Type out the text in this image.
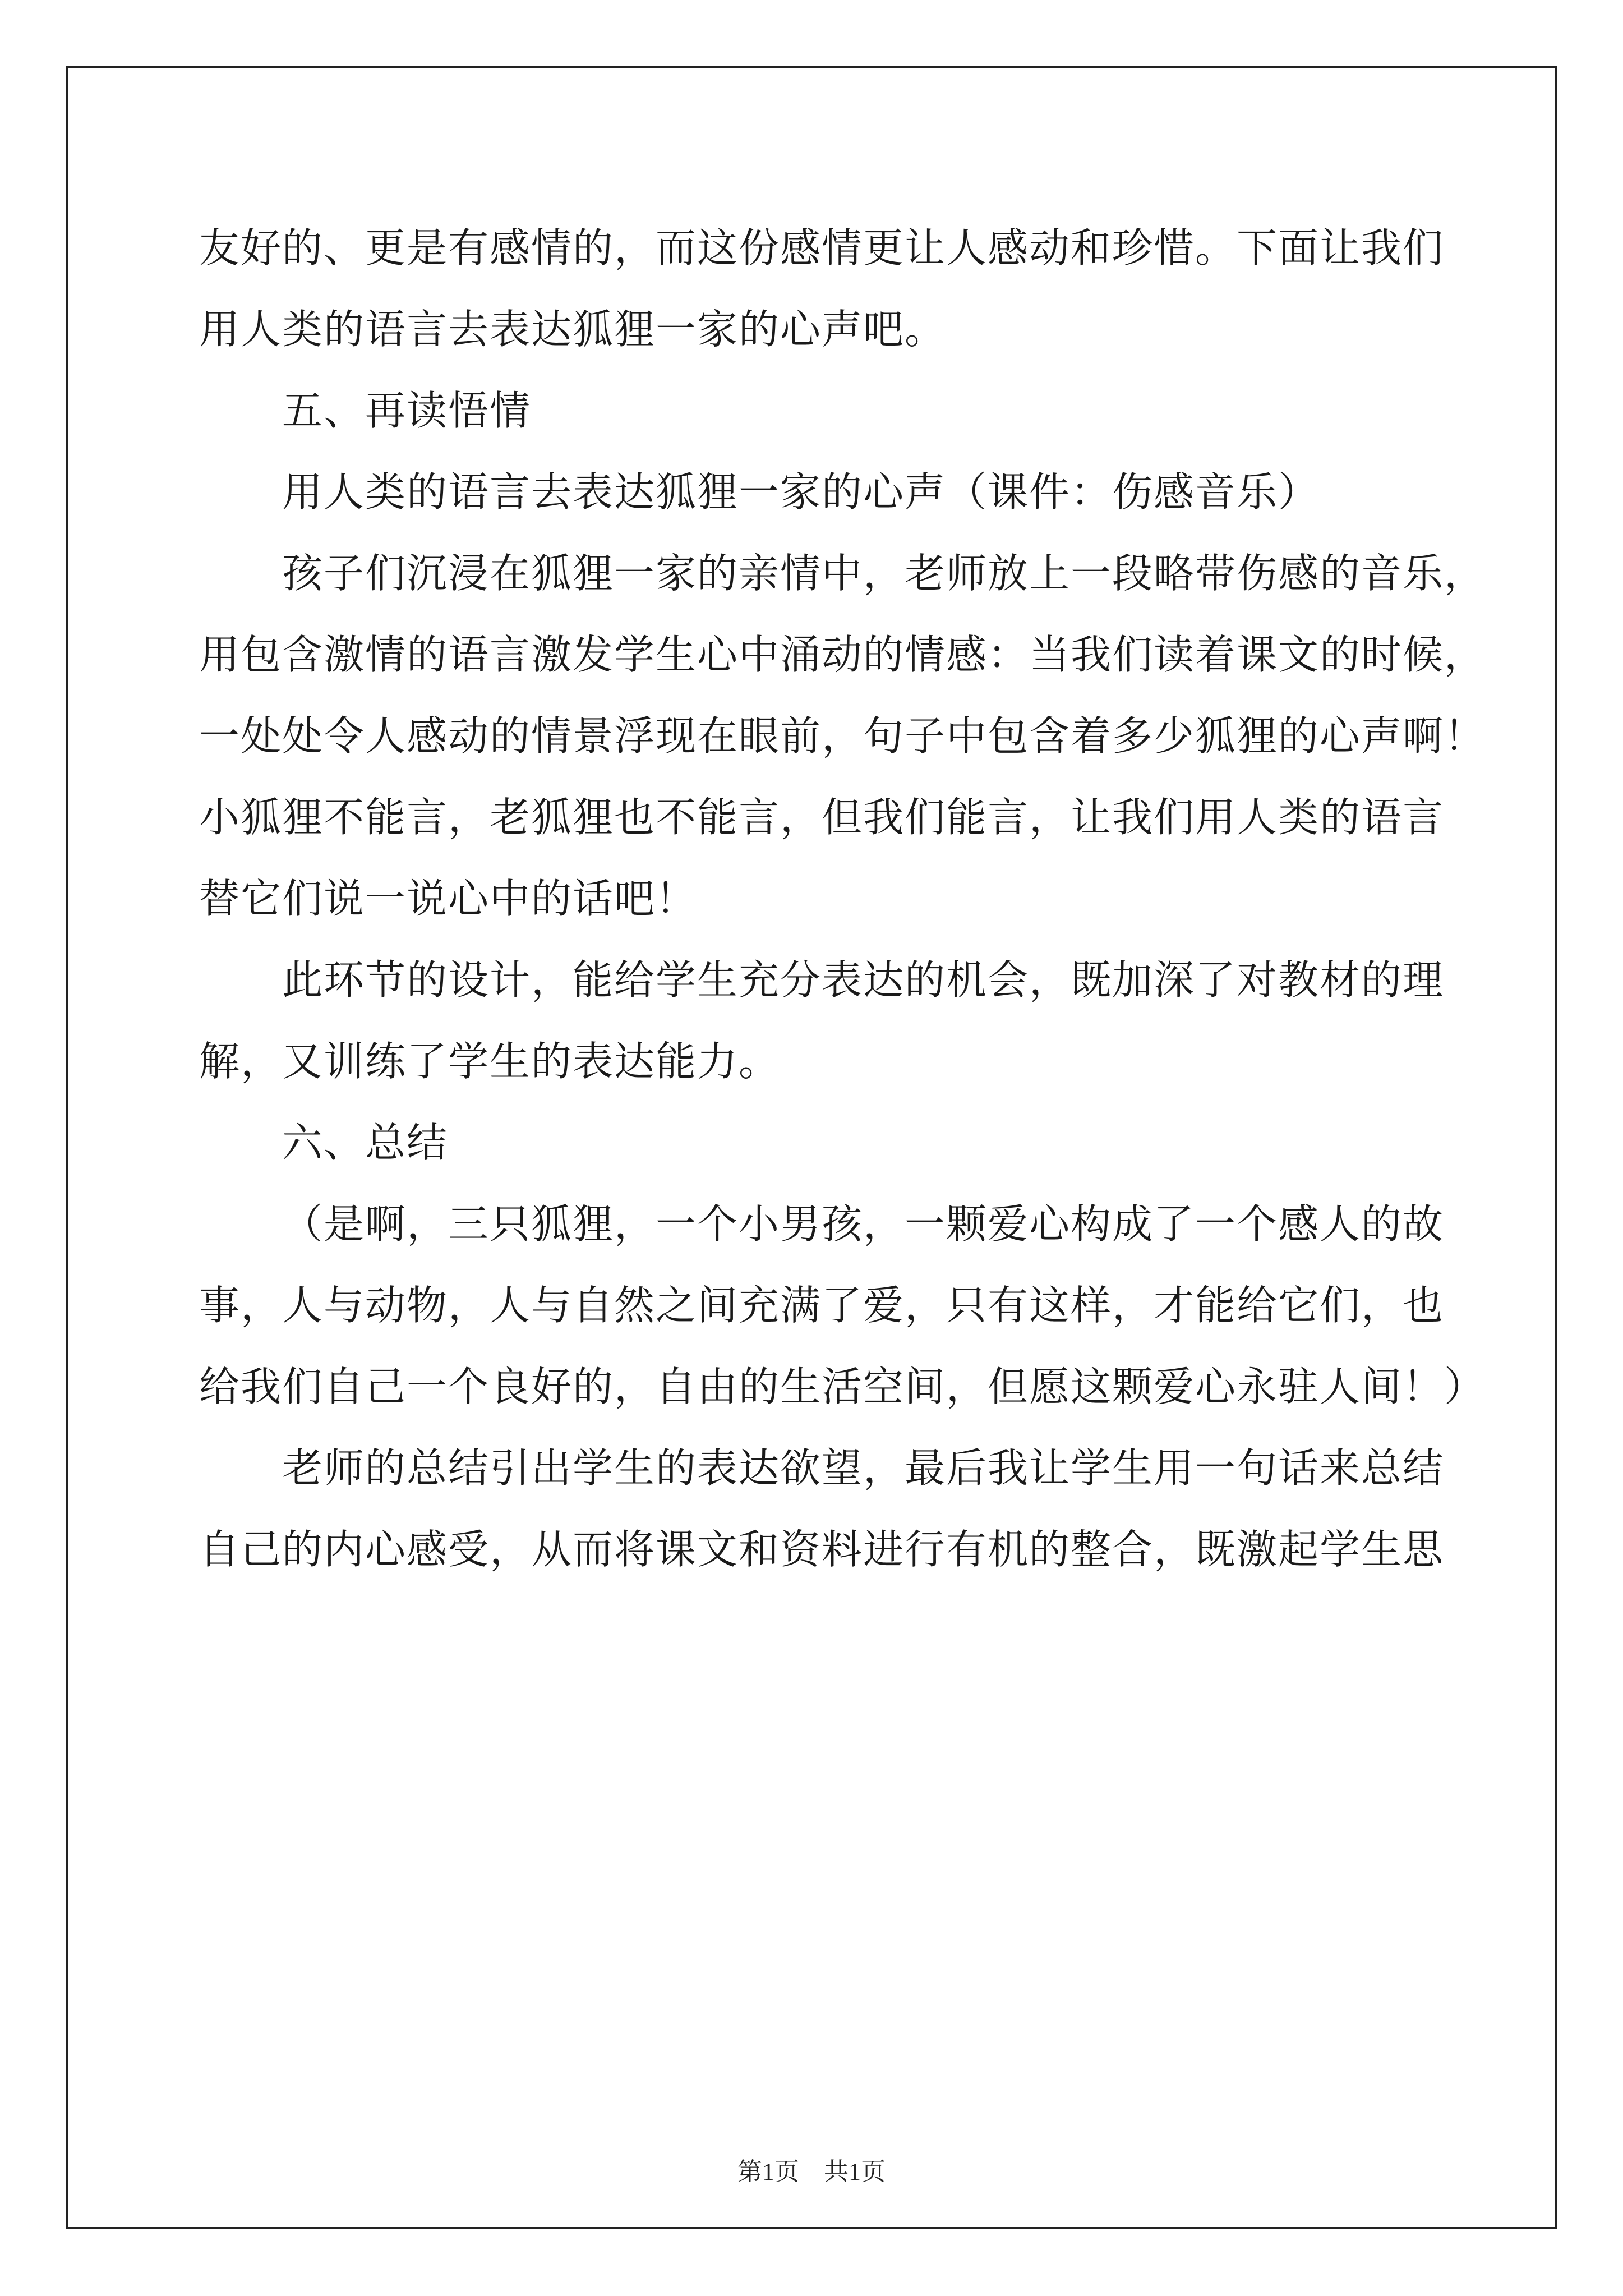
友好的、更是有感情的，而这份感情更让人感动和珍惜。下面让我们
用人类的语言去表达狐狸一家的心声吧。
五、再读悟情
用人类的语言去表达狐狸一家的心声（课件：伤感音乐）
孩子们沉浸在狐狸一家的亲情中，老师放上一段略带伤感的音乐，
用包含激情的语言激发学生心中涌动的情感：当我们读着课文的时候，
一处处令人感动的情景浮现在眼前，句子中包含着多少狐狸的心声啊！
小狐狸不能言，老狐狸也不能言，但我们能言，让我们用人类的语言
替它们说一说心中的话吧！
此环节的设计，能给学生充分表达的机会，既加深了对教材的理
解，又训练了学生的表达能力。
六、总结
（是啊，三只狐狸，一个小男孩，一颗爱心构成了一个感人的故
事，人与动物，人与自然之间充满了爱，只有这样，才能给它们，也
给我们自己一个良好的，自由的生活空间，但愿这颗爱心永驻人间！）
老师的总结引出学生的表达欲望，最后我让学生用一句话来总结
自己的内心感受，从而将课文和资料进行有机的整合，既激起学生思
第1页　共1页
